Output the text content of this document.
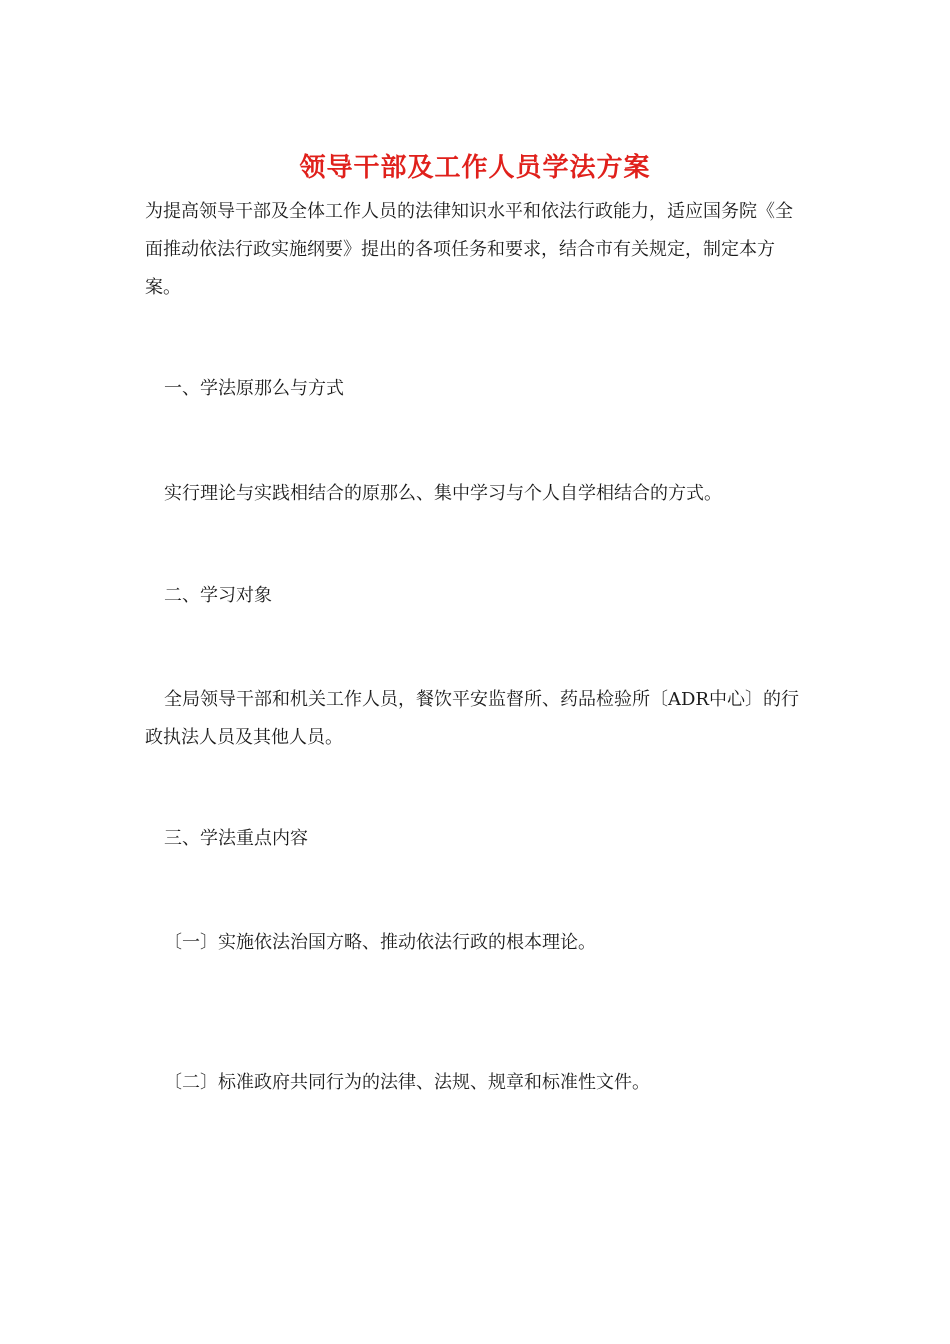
领导干部及工作人员学法方案
为提高领导干部及全体工作人员的法律知识水平和依法行政能力，适应国务院《全面推动依法行政实施纲要》提出的各项任务和要求，结合市有关规定，制定本方案。
一、学法原那么与方式
实行理论与实践相结合的原那么、集中学习与个人自学相结合的方式。
二、学习对象
全局领导干部和机关工作人员，餐饮平安监督所、药品检验所〔ADR中心〕的行政执法人员及其他人员。
三、学法重点内容
〔一〕实施依法治国方略、推动依法行政的根本理论。
〔二〕标准政府共同行为的法律、法规、规章和标准性文件。
